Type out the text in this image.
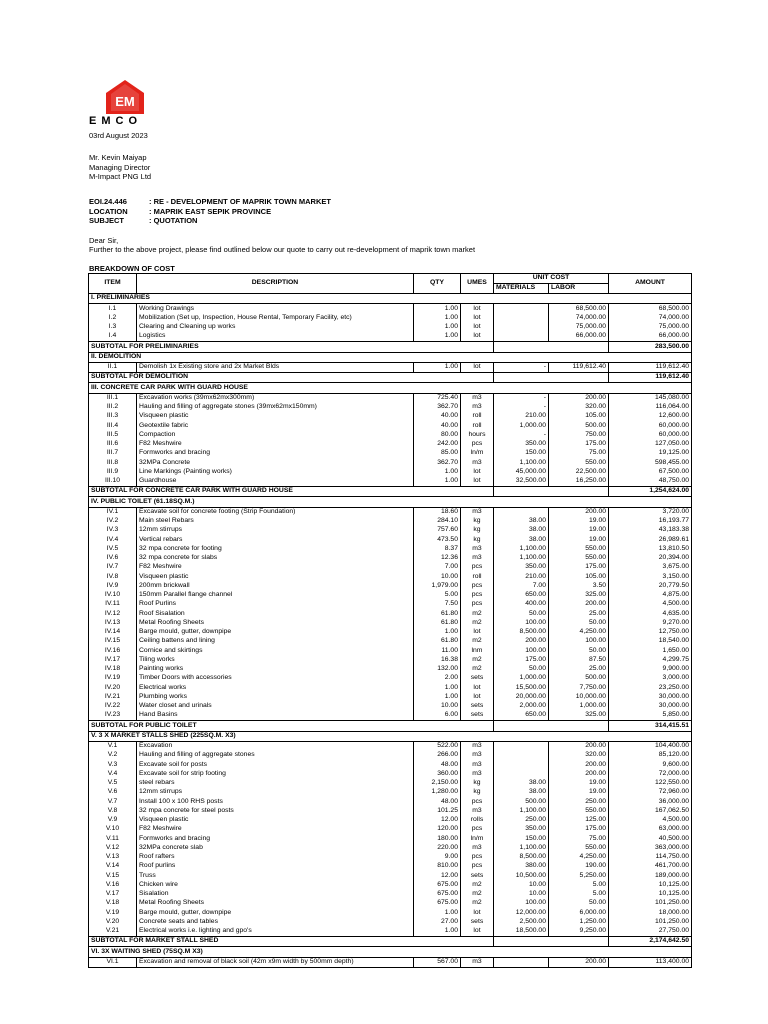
EM
EMCO
03rd August 2023
Mr. Kevin Maiyap
Managing Director
M-Impact PNG Ltd
EOI.24.446	: RE - DEVELOPMENT OF MAPRIK TOWN MARKET
LOCATION	: MAPRIK EAST SEPIK PROVINCE
SUBJECT	: QUOTATION
Dear Sir,
Further to the above project, please find outlined below our quote to carry out re-development of maprik town market
BREAKDOWN OF COST
ITEM	DESCRIPTION	QTY	UMES	UNIT COST		AMOUNT
				MATERIALS	LABOR	
I. PRELIMINARIES						
I.1	Working Drawings	1.00	lot		68,500.00	68,500.00
I.2	Mobilization (Set up, Inspection, House Rental, Temporary Facility, etc)	1.00	lot		74,000.00	74,000.00
I.3	Clearing and Cleaning up works	1.00	lot		75,000.00	75,000.00
I.4	Logistics	1.00	lot		66,000.00	66,000.00
SUBTOTAL FOR PRELIMINARIES						283,500.00
II. DEMOLITION						
II.1	Demolish 1x Existing store and 2x Market Blds	1.00	lot	-	119,612.40	119,612.40
SUBTOTAL FOR DEMOLITION						119,612.40
III. CONCRETE CAR PARK WITH GUARD HOUSE						
III.1	Excavation works (39mx62mx300mm)	725.40	m3	-	200.00	145,080.00
III.2	Hauling and filling of aggregate stones (39mx62mx150mm)	362.70	m3	-	320.00	116,064.00
III.3	Visqueen plastic	40.00	roll	210.00	105.00	12,600.00
III.4	Geotextile fabric	40.00	roll	1,000.00	500.00	60,000.00
III.5	Compaction	80.00	hours	-	750.00	60,000.00
III.6	F82 Meshwire	242.00	pcs	350.00	175.00	127,050.00
III.7	Formworks and bracing	85.00	ln/m	150.00	75.00	19,125.00
III.8	32MPa Concrete	362.70	m3	1,100.00	550.00	598,455.00
III.9	Line Markings (Painting works)	1.00	lot	45,000.00	22,500.00	67,500.00
III.10	Guardhouse	1.00	lot	32,500.00	16,250.00	48,750.00
SUBTOTAL FOR CONCRETE CAR PARK WITH GUARD HOUSE						1,254,624.00
IV. PUBLIC TOILET (61.18SQ.M.)						
IV.1	Excavate soil for concrete footing (Strip Foundation)	18.60	m3		200.00	3,720.00
IV.2	Main steel Rebars	284.10	kg	38.00	19.00	16,193.77
IV.3	12mm stirrups	757.60	kg	38.00	19.00	43,183.38
IV.4	Vertical rebars	473.50	kg	38.00	19.00	26,989.61
IV.5	32 mpa concrete for footing	8.37	m3	1,100.00	550.00	13,810.50
IV.6	32 mpa concrete for slabs	12.36	m3	1,100.00	550.00	20,394.00
IV.7	F82 Meshwire	7.00	pcs	350.00	175.00	3,675.00
IV.8	Visqueen plastic	10.00	roll	210.00	105.00	3,150.00
IV.9	200mm brickwall	1,979.00	pcs	7.00	3.50	20,779.50
IV.10	150mm Parallel flange channel	5.00	pcs	650.00	325.00	4,875.00
IV.11	Roof Purlins	7.50	pcs	400.00	200.00	4,500.00
IV.12	Roof Sisalation	61.80	m2	50.00	25.00	4,635.00
IV.13	Metal Roofing Sheets	61.80	m2	100.00	50.00	9,270.00
IV.14	Barge mould, gutter, downpipe	1.00	lot	8,500.00	4,250.00	12,750.00
IV.15	Ceiling battens and lining	61.80	m2	200.00	100.00	18,540.00
IV.16	Cornice and skirtings	11.00	lnm	100.00	50.00	1,650.00
IV.17	Tiling works	16.38	m2	175.00	87.50	4,299.75
IV.18	Painting works	132.00	m2	50.00	25.00	9,900.00
IV.19	Timber Doors with accessories	2.00	sets	1,000.00	500.00	3,000.00
IV.20	Electrical works	1.00	lot	15,500.00	7,750.00	23,250.00
IV.21	Plumbing works	1.00	lot	20,000.00	10,000.00	30,000.00
IV.22	Water closet and urinals	10.00	sets	2,000.00	1,000.00	30,000.00
IV.23	Hand Basins	6.00	sets	650.00	325.00	5,850.00
SUBTOTAL FOR PUBLIC TOILET						314,415.51
V. 3 X MARKET STALLS SHED (225SQ.M. X3)						
V.1	Excavation	522.00	m3		200.00	104,400.00
V.2	Hauling and filling of aggregate stones	266.00	m3		320.00	85,120.00
V.3	Excavate soil for posts	48.00	m3		200.00	9,600.00
V.4	Excavate soil for strip footing	360.00	m3		200.00	72,000.00
V.5	steel rebars	2,150.00	kg	38.00	19.00	122,550.00
V.6	12mm stirrups	1,280.00	kg	38.00	19.00	72,960.00
V.7	Install 100 x 100 RHS posts	48.00	pcs	500.00	250.00	36,000.00
V.8	32 mpa concrete for steel posts	101.25	m3	1,100.00	550.00	167,062.50
V.9	Visqueen plastic	12.00	rolls	250.00	125.00	4,500.00
V.10	F82 Meshwire	120.00	pcs	350.00	175.00	63,000.00
V.11	Formworks and bracing	180.00	ln/m	150.00	75.00	40,500.00
V.12	32MPa concrete slab	220.00	m3	1,100.00	550.00	363,000.00
V.13	Roof rafters	9.00	pcs	8,500.00	4,250.00	114,750.00
V.14	Roof purlins	810.00	pcs	380.00	190.00	461,700.00
V.15	Truss	12.00	sets	10,500.00	5,250.00	189,000.00
V.16	Chicken wire	675.00	m2	10.00	5.00	10,125.00
V.17	Sisalation	675.00	m2	10.00	5.00	10,125.00
V.18	Metal Roofing Sheets	675.00	m2	100.00	50.00	101,250.00
V.19	Barge mould, gutter, downpipe	1.00	lot	12,000.00	6,000.00	18,000.00
V.20	Concrete seats and tables	27.00	sets	2,500.00	1,250.00	101,250.00
V.21	Electrical works i.e. lighting and gpo's	1.00	lot	18,500.00	9,250.00	27,750.00
SUBTOTAL FOR MARKET STALL SHED						2,174,642.50
VI. 3X WAITING SHED (75SQ.M X3)						
VI.1	Excavation and removal of black soil (42m x9m width by 500mm depth)	567.00	m3		200.00	113,400.00
